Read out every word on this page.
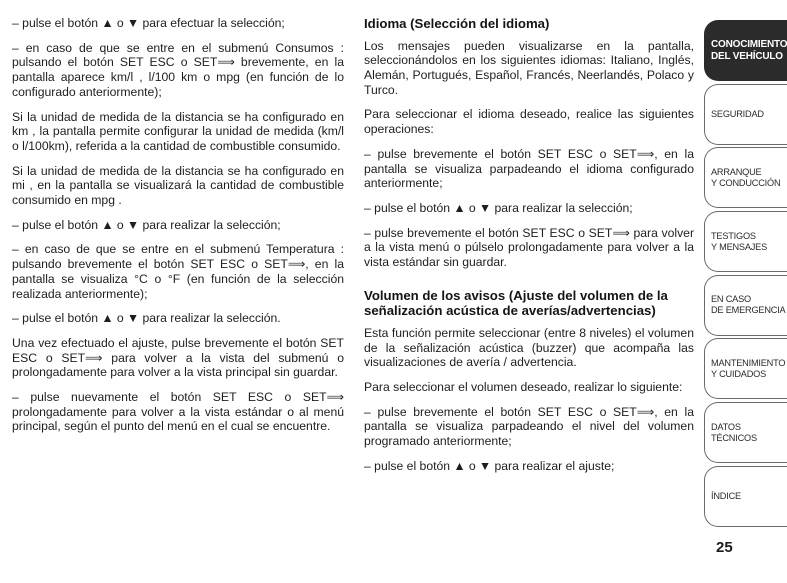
– pulse el botón ▲ o ▼ para efectuar la selección;

– en caso de que se entre en el submenú Consumos : pulsando el botón SET ESC o SET⟹ brevemente, en la pantalla aparece km/l , l/100 km o mpg (en función de lo configurado anteriormente);

Si la unidad de medida de la distancia se ha configurado en km , la pantalla permite configurar la unidad de medida (km/l o l/100km), referida a la cantidad de combustible consumido.

Si la unidad de medida de la distancia se ha configurado en mi , en la pantalla se visualizará la cantidad de combustible consumido en mpg .

– pulse el botón ▲ o ▼ para realizar la selección;

– en caso de que se entre en el submenú Temperatura : pulsando brevemente el botón SET ESC o SET⟹, en la pantalla se visualiza °C o °F (en función de la selección realizada anteriormente);

– pulse el botón ▲ o ▼ para realizar la selección.

Una vez efectuado el ajuste, pulse brevemente el botón SET ESC o SET⟹ para volver a la vista del submenú o prolongadamente para volver a la vista principal sin guardar.

– pulse nuevamente el botón SET ESC o SET⟹ prolongadamente para volver a la vista estándar o al menú principal, según el punto del menú en el cual se encuentre.

Idioma (Selección del idioma)

Los mensajes pueden visualizarse en la pantalla, seleccionándolos en los siguientes idiomas: Italiano, Inglés, Alemán, Portugués, Español, Francés, Neerlandés, Polaco y Turco.

Para seleccionar el idioma deseado, realice las siguientes operaciones:

– pulse brevemente el botón SET ESC o SET⟹, en la pantalla se visualiza parpadeando el idioma configurado anteriormente;

– pulse el botón ▲ o ▼ para realizar la selección;

– pulse brevemente el botón SET ESC o SET⟹ para volver a la vista menú o púlselo prolongadamente para volver a la vista estándar sin guardar.

Volumen de los avisos (Ajuste del volumen de la señalización acústica de averías/advertencias)

Esta función permite seleccionar (entre 8 niveles) el volumen de la señalización acústica (buzzer) que acompaña las visualizaciones de avería / advertencia.

Para seleccionar el volumen deseado, realizar lo siguiente:

– pulse brevemente el botón SET ESC o SET⟹, en la pantalla se visualiza parpadeando el nivel del volumen programado anteriormente;

– pulse el botón ▲ o ▼ para realizar el ajuste;

CONOCIMIENTO
DEL VEHÍCULO
SEGURIDAD
ARRANQUE
Y CONDUCCIÓN
TESTIGOS
Y MENSAJES
EN CASO
DE EMERGENCIA
MANTENIMIENTO
Y CUIDADOS
DATOS TÉCNICOS
ÍNDICE
25
